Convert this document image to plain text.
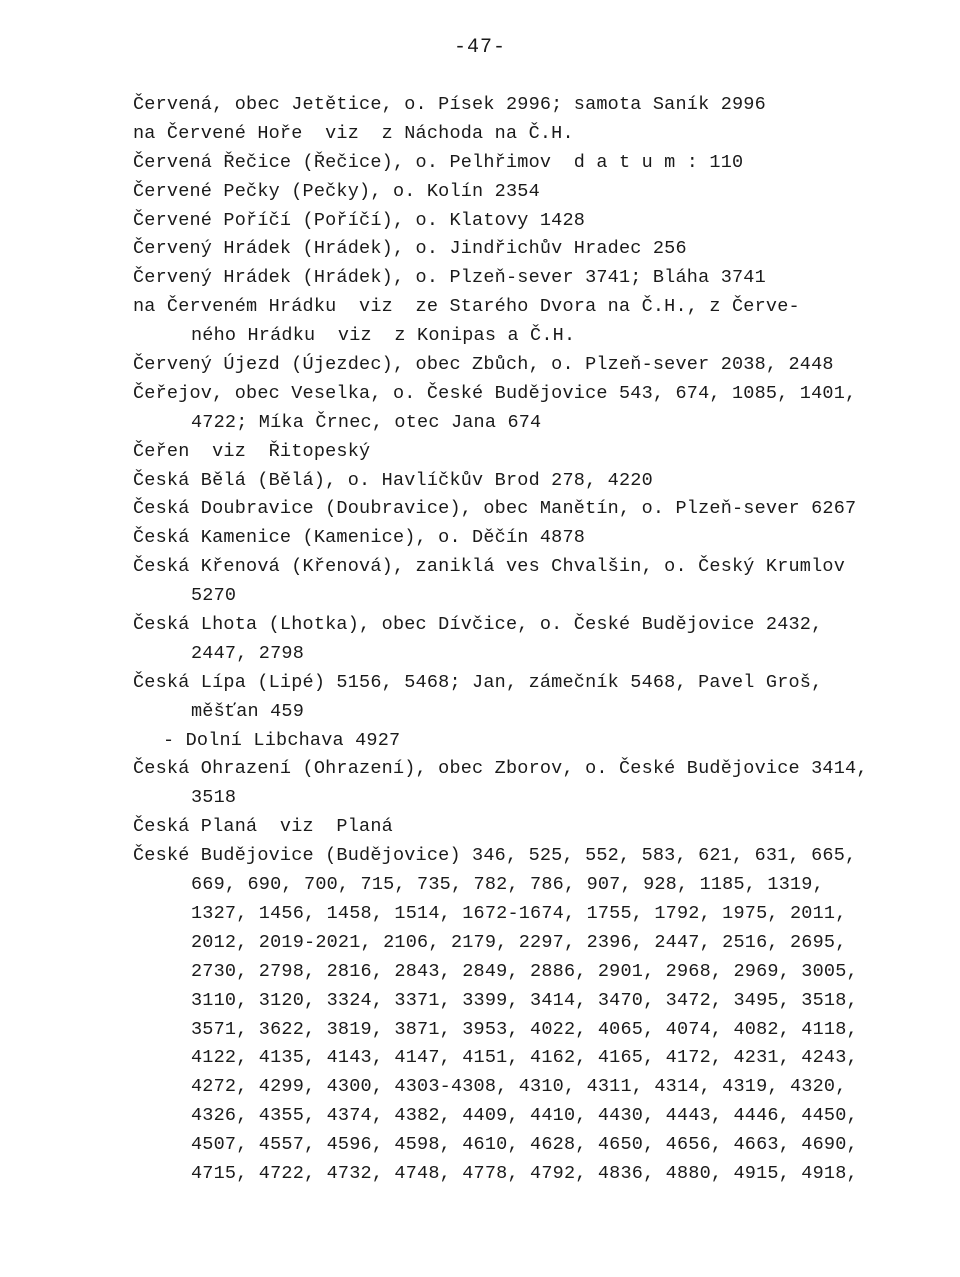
-47-
Červená, obec Jetětice, o. Písek 2996; samota Saník 2996
na Červené Hoře  viz  z Náchoda na Č.H.
Červená Řečice (Řečice), o. Pelhřimov  d a t u m : 110
Červené Pečky (Pečky), o. Kolín 2354
Červené Poříčí (Poříčí), o. Klatovy 1428
Červený Hrádek (Hrádek), o. Jindřichův Hradec 256
Červený Hrádek (Hrádek), o. Plzeň-sever 3741; Bláha 3741
na Červeném Hrádku  viz  ze Starého Dvora na Č.H., z Červe-
ného Hrádku  viz  z Konipas a Č.H.
Červený Újezd (Újezdec), obec Zbůch, o. Plzeň-sever 2038, 2448
Čeřejov, obec Veselka, o. České Budějovice 543, 674, 1085, 1401,
4722; Míka Črnec, otec Jana 674
Čeřen  viz  Řitopeský
Česká Bělá (Bělá), o. Havlíčkův Brod 278, 4220
Česká Doubravice (Doubravice), obec Manětín, o. Plzeň-sever 6267
Česká Kamenice (Kamenice), o. Děčín 4878
Česká Křenová (Křenová), zaniklá ves Chvalšin, o. Český Krumlov
5270
Česká Lhota (Lhotka), obec Dívčice, o. České Budějovice 2432,
2447, 2798
Česká Lípa (Lipé) 5156, 5468; Jan, zámečník 5468, Pavel Groš,
měšťan 459
- Dolní Libchava 4927
Česká Ohrazení (Ohrazení), obec Zborov, o. České Budějovice 3414,
3518
Česká Planá  viz  Planá
České Budějovice (Budějovice) 346, 525, 552, 583, 621, 631, 665,
669, 690, 700, 715, 735, 782, 786, 907, 928, 1185, 1319,
1327, 1456, 1458, 1514, 1672-1674, 1755, 1792, 1975, 2011,
2012, 2019-2021, 2106, 2179, 2297, 2396, 2447, 2516, 2695,
2730, 2798, 2816, 2843, 2849, 2886, 2901, 2968, 2969, 3005,
3110, 3120, 3324, 3371, 3399, 3414, 3470, 3472, 3495, 3518,
3571, 3622, 3819, 3871, 3953, 4022, 4065, 4074, 4082, 4118,
4122, 4135, 4143, 4147, 4151, 4162, 4165, 4172, 4231, 4243,
4272, 4299, 4300, 4303-4308, 4310, 4311, 4314, 4319, 4320,
4326, 4355, 4374, 4382, 4409, 4410, 4430, 4443, 4446, 4450,
4507, 4557, 4596, 4598, 4610, 4628, 4650, 4656, 4663, 4690,
4715, 4722, 4732, 4748, 4778, 4792, 4836, 4880, 4915, 4918,
